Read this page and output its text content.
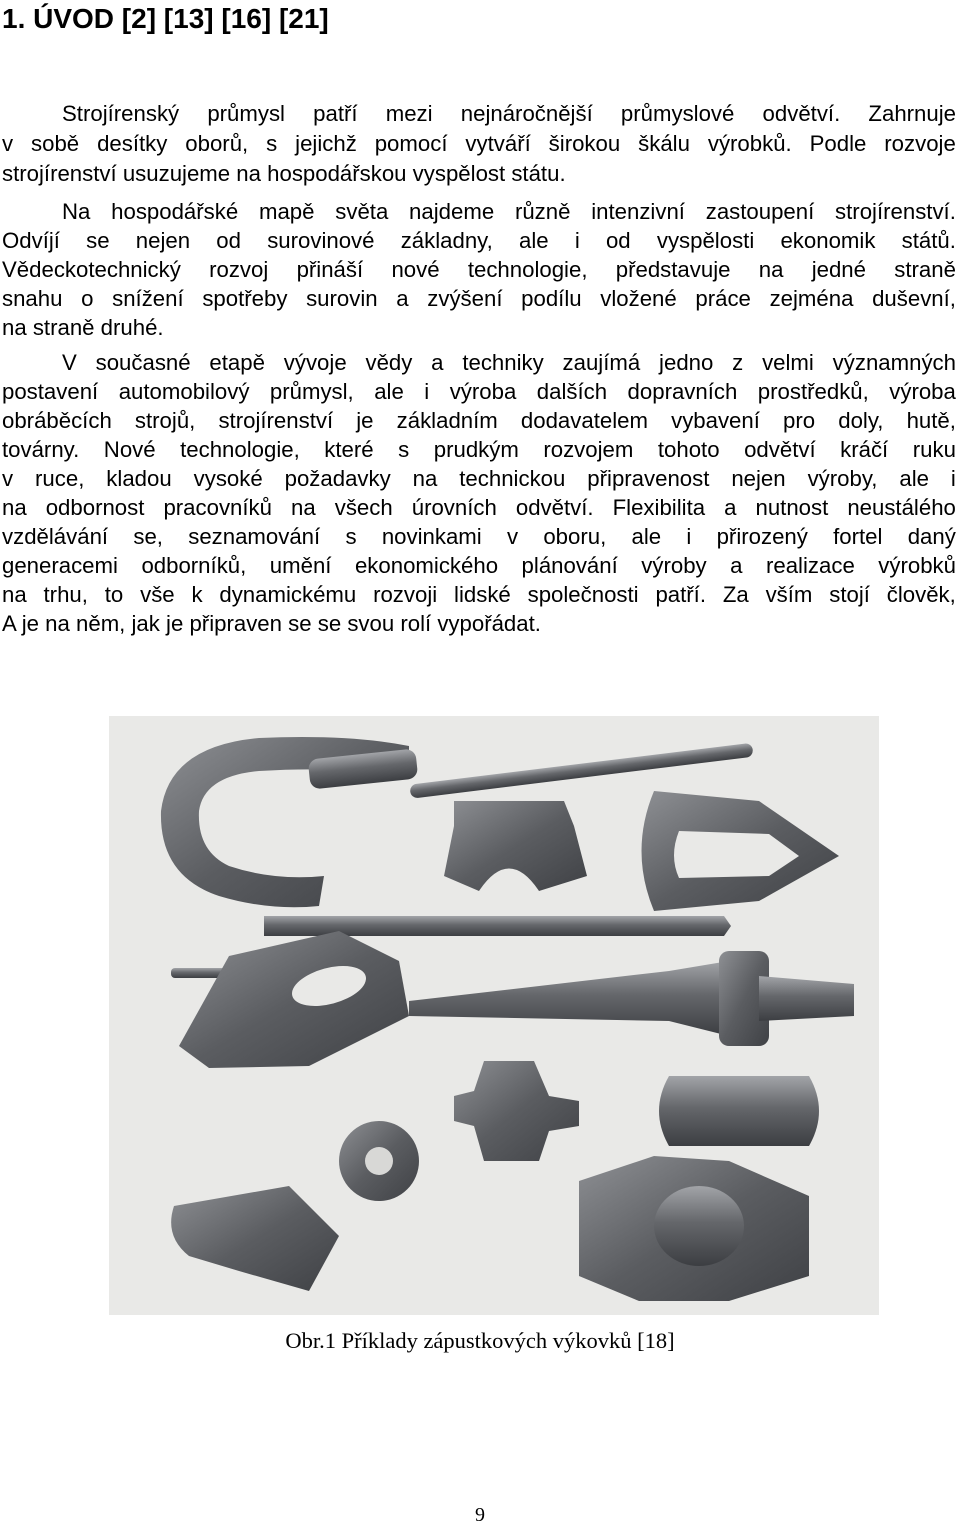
1. ÚVOD [2] [13] [16] [21]
Strojírenský průmysl patří mezi nejnáročnější průmyslové odvětví. Zahrnuje
v sobě desítky oborů, s jejichž pomocí vytváří širokou škálu výrobků. Podle rozvoje
strojírenství usuzujeme na hospodářskou vyspělost státu.
Na hospodářské mapě světa najdeme různě intenzivní zastoupení strojírenství.
Odvíjí se nejen od surovinové základny, ale i od vyspělosti ekonomik států.
Vědeckotechnický rozvoj přináší nové technologie, představuje na jedné straně
snahu o snížení spotřeby surovin a zvýšení podílu vložené práce zejména duševní,
na straně druhé.
V současné etapě vývoje vědy a techniky zaujímá jedno z velmi významných
postavení automobilový průmysl, ale i výroba dalších dopravních prostředků, výroba
obráběcích strojů, strojírenství je základním dodavatelem vybavení pro doly, hutě,
továrny. Nové technologie, které s prudkým rozvojem tohoto odvětví kráčí ruku
v ruce, kladou vysoké požadavky na technickou připravenost nejen výroby, ale i
na odbornost pracovníků na všech úrovních odvětví. Flexibilita a nutnost neustálého
vzdělávání se, seznamování s novinkami v oboru, ale i přirozený fortel daný
generacemi odborníků, umění ekonomického plánování výroby a realizace výrobků
na trhu, to vše k dynamickému rozvoji lidské společnosti patří. Za vším stojí člověk,
A je na něm, jak je připraven se se svou rolí vypořádat.
Obr.1 Příklady zápustkových výkovků [18]
9
